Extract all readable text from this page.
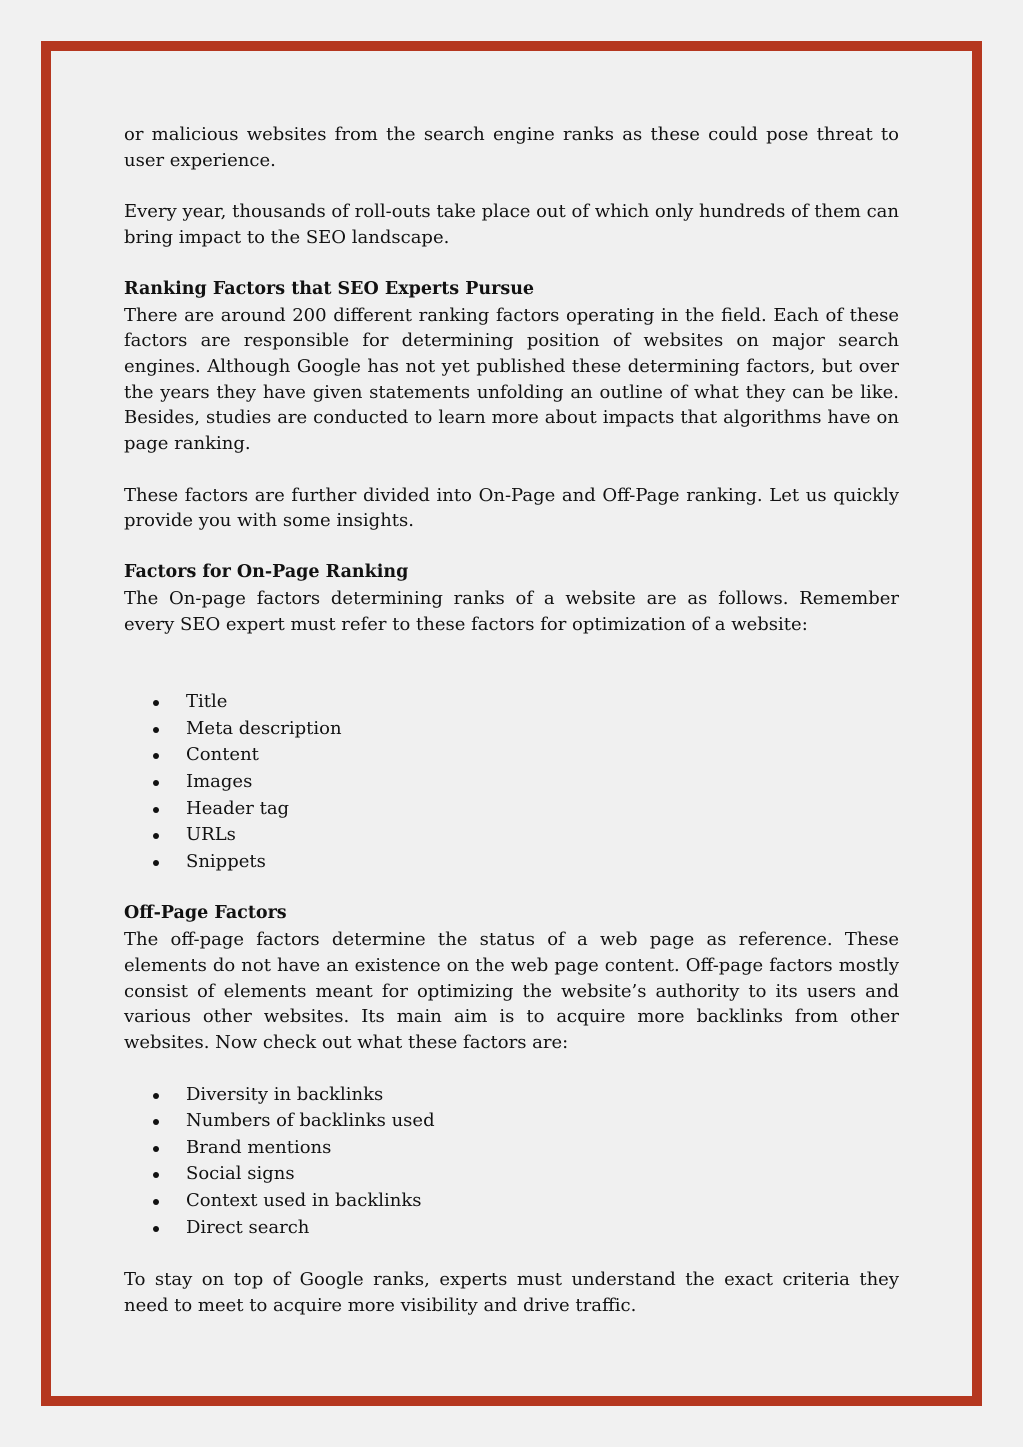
or malicious websites from the search engine ranks as these could pose threat to user experience.

Every year, thousands of roll-outs take place out of which only hundreds of them can bring impact to the SEO landscape.

Ranking Factors that SEO Experts Pursue

There are around 200 different ranking factors operating in the field. Each of these factors are responsible for determining position of websites on major search engines. Although Google has not yet published these determining factors, but over the years they have given statements unfolding an outline of what they can be like. Besides, studies are conducted to learn more about impacts that algorithms have on page ranking.

These factors are further divided into On-Page and Off-Page ranking. Let us quickly provide you with some insights.

Factors for On-Page Ranking

The On-page factors determining ranks of a website are as follows. Remember every SEO expert must refer to these factors for optimization of a website:

Title
Meta description
Content
Images
Header tag
URLs
Snippets
Off-Page Factors

The off-page factors determine the status of a web page as reference. These elements do not have an existence on the web page content. Off-page factors mostly consist of elements meant for optimizing the website’s authority to its users and various other websites. Its main aim is to acquire more backlinks from other websites. Now check out what these factors are:

Diversity in backlinks
Numbers of backlinks used
Brand mentions
Social signs
Context used in backlinks
Direct search

To stay on top of Google ranks, experts must understand the exact criteria they need to meet to acquire more visibility and drive traffic.
